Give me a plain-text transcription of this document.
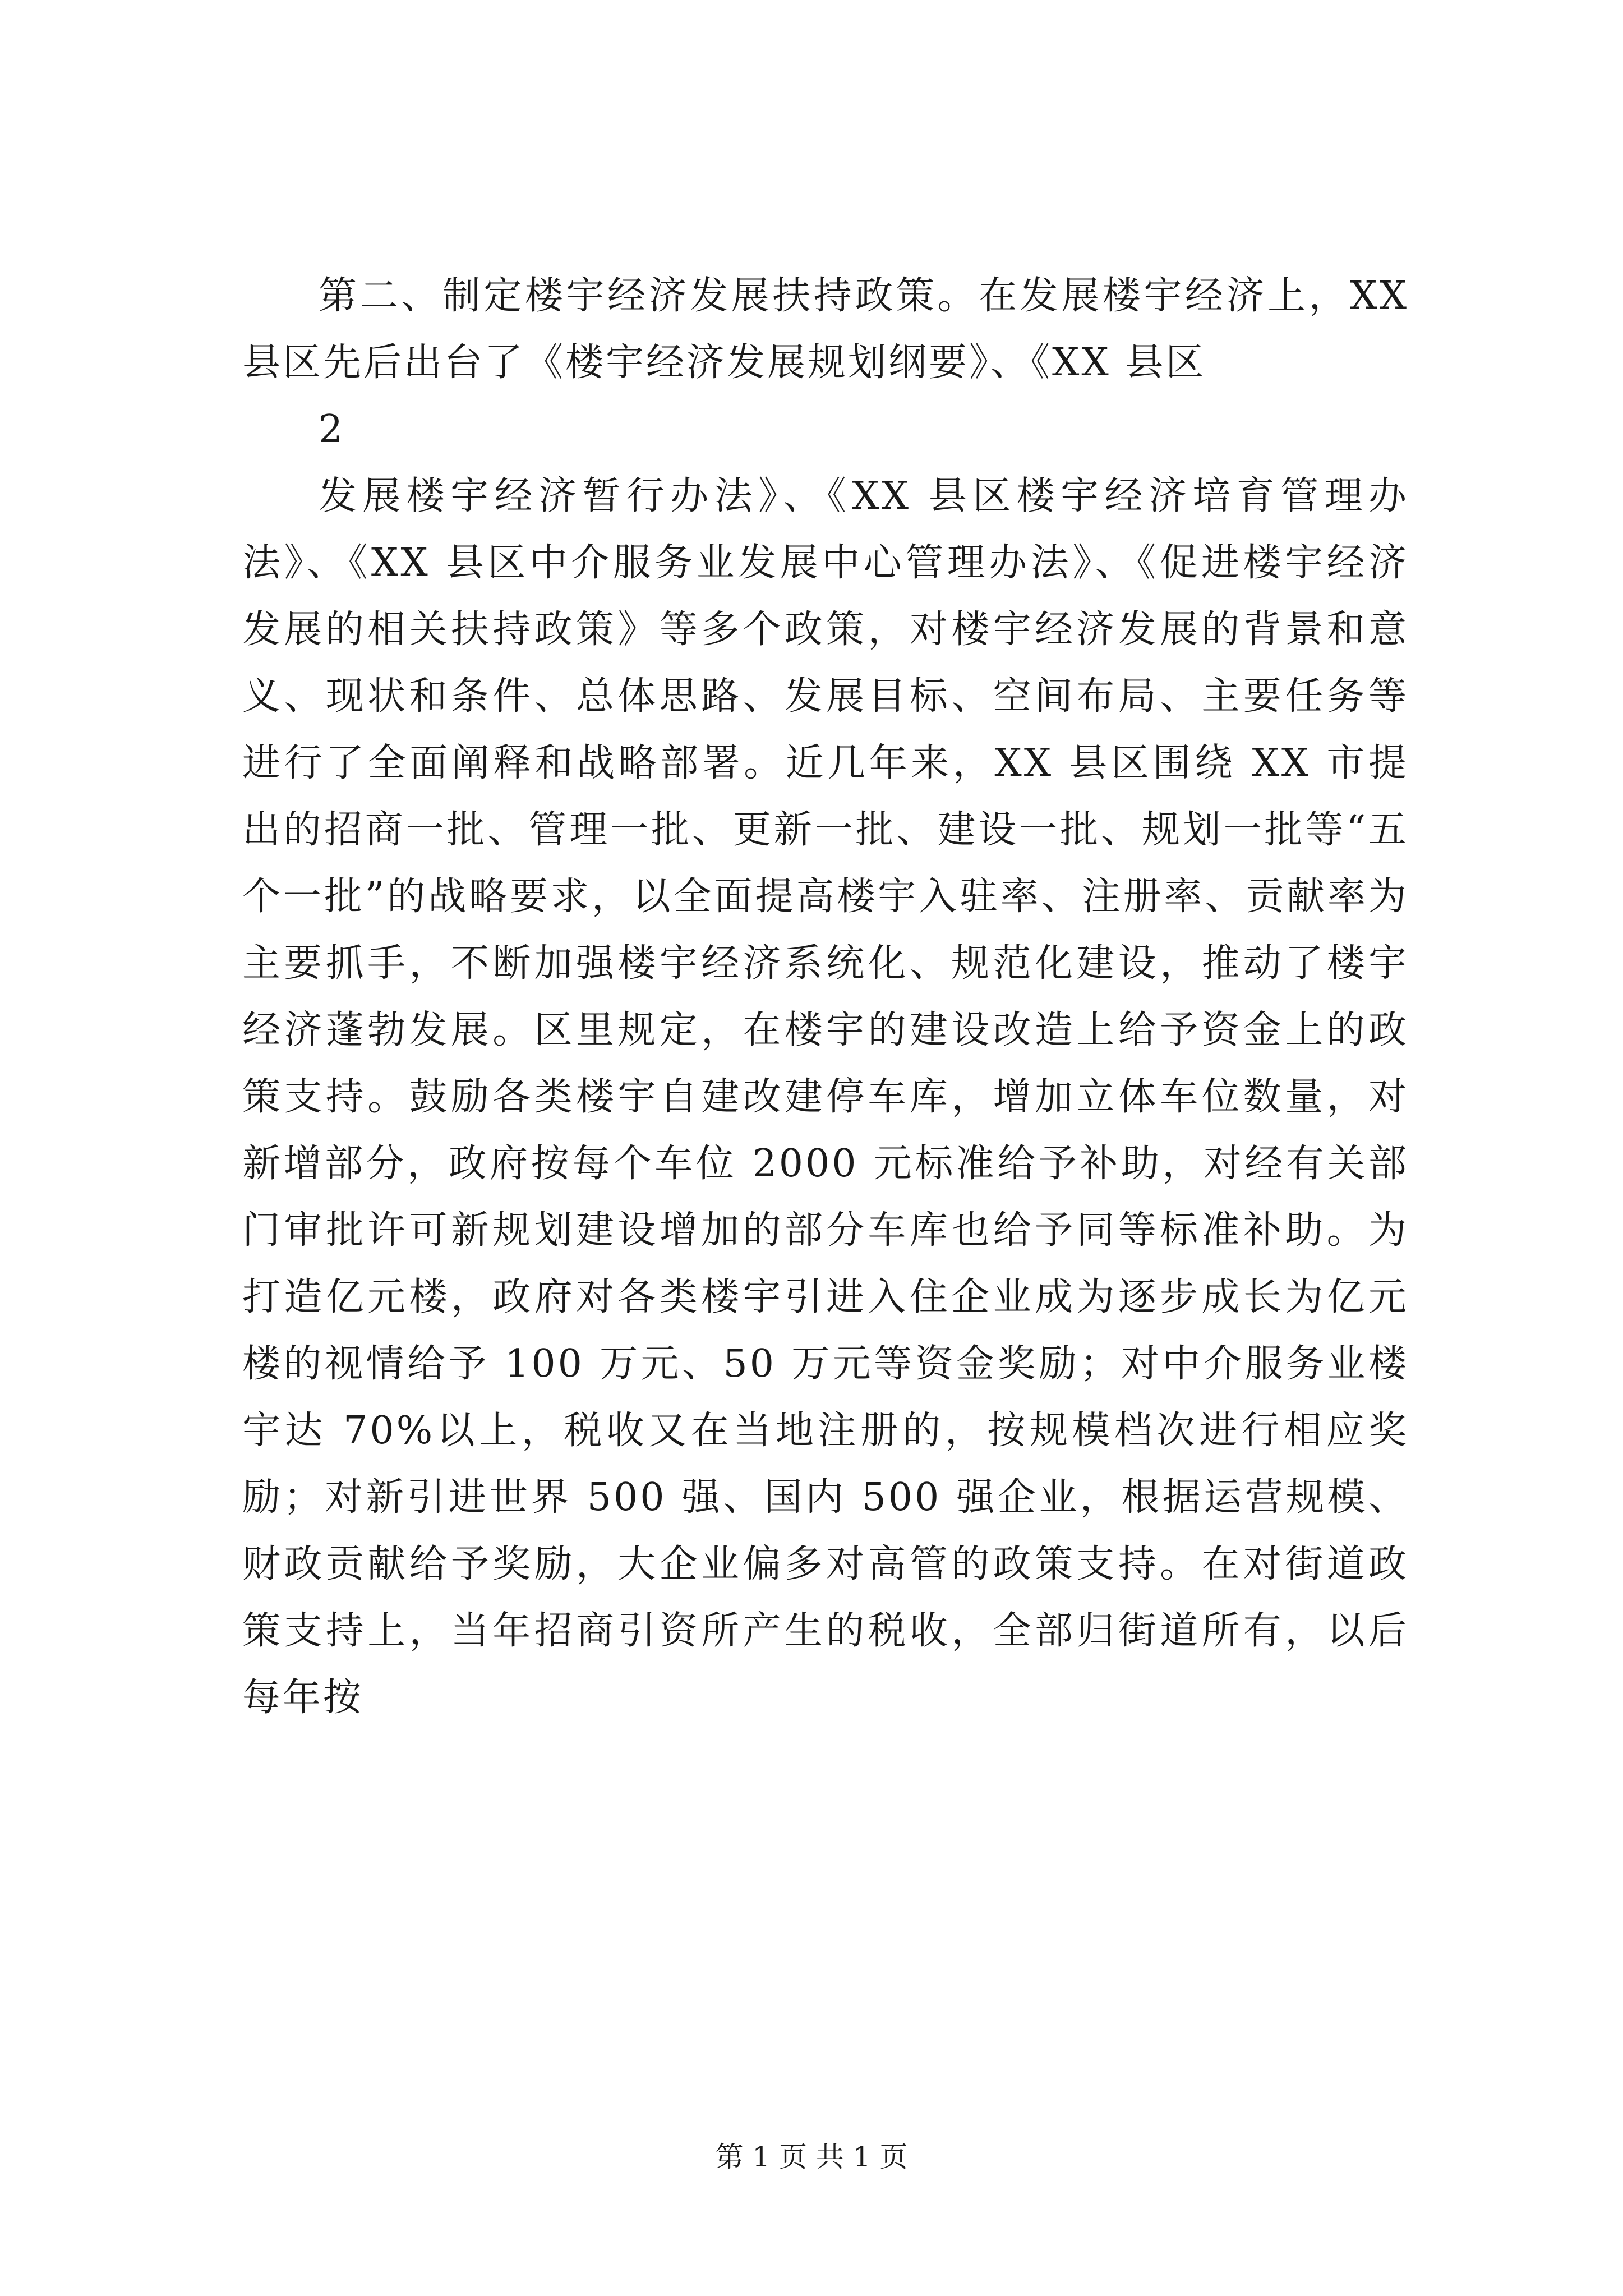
第二、制定楼宇经济发展扶持政策。在发展楼宇经济上，XX县区先后出台了《楼宇经济发展规划纲要》、《XX 县区

2

发展楼宇经济暂行办法》、《XX 县区楼宇经济培育管理办法》、《XX 县区中介服务业发展中心管理办法》、《促进楼宇经济发展的相关扶持政策》等多个政策，对楼宇经济发展的背景和意义、现状和条件、总体思路、发展目标、空间布局、主要任务等进行了全面阐释和战略部署。近几年来，XX 县区围绕 XX 市提出的招商一批、管理一批、更新一批、建设一批、规划一批等“五个一批”的战略要求，以全面提高楼宇入驻率、注册率、贡献率为主要抓手，不断加强楼宇经济系统化、规范化建设，推动了楼宇经济蓬勃发展。区里规定，在楼宇的建设改造上给予资金上的政策支持。鼓励各类楼宇自建改建停车库，增加立体车位数量，对新增部分，政府按每个车位 2000 元标准给予补助，对经有关部门审批许可新规划建设增加的部分车库也给予同等标准补助。为打造亿元楼，政府对各类楼宇引进入住企业成为逐步成长为亿元楼的视情给予 100 万元、50 万元等资金奖励；对中介服务业楼宇达 70%以上，税收又在当地注册的，按规模档次进行相应奖励；对新引进世界 500 强、国内 500 强企业，根据运营规模、财政贡献给予奖励，大企业偏多对高管的政策支持。在对街道政策支持上，当年招商引资所产生的税收，全部归街道所有，以后每年按

第 1 页 共 1 页
